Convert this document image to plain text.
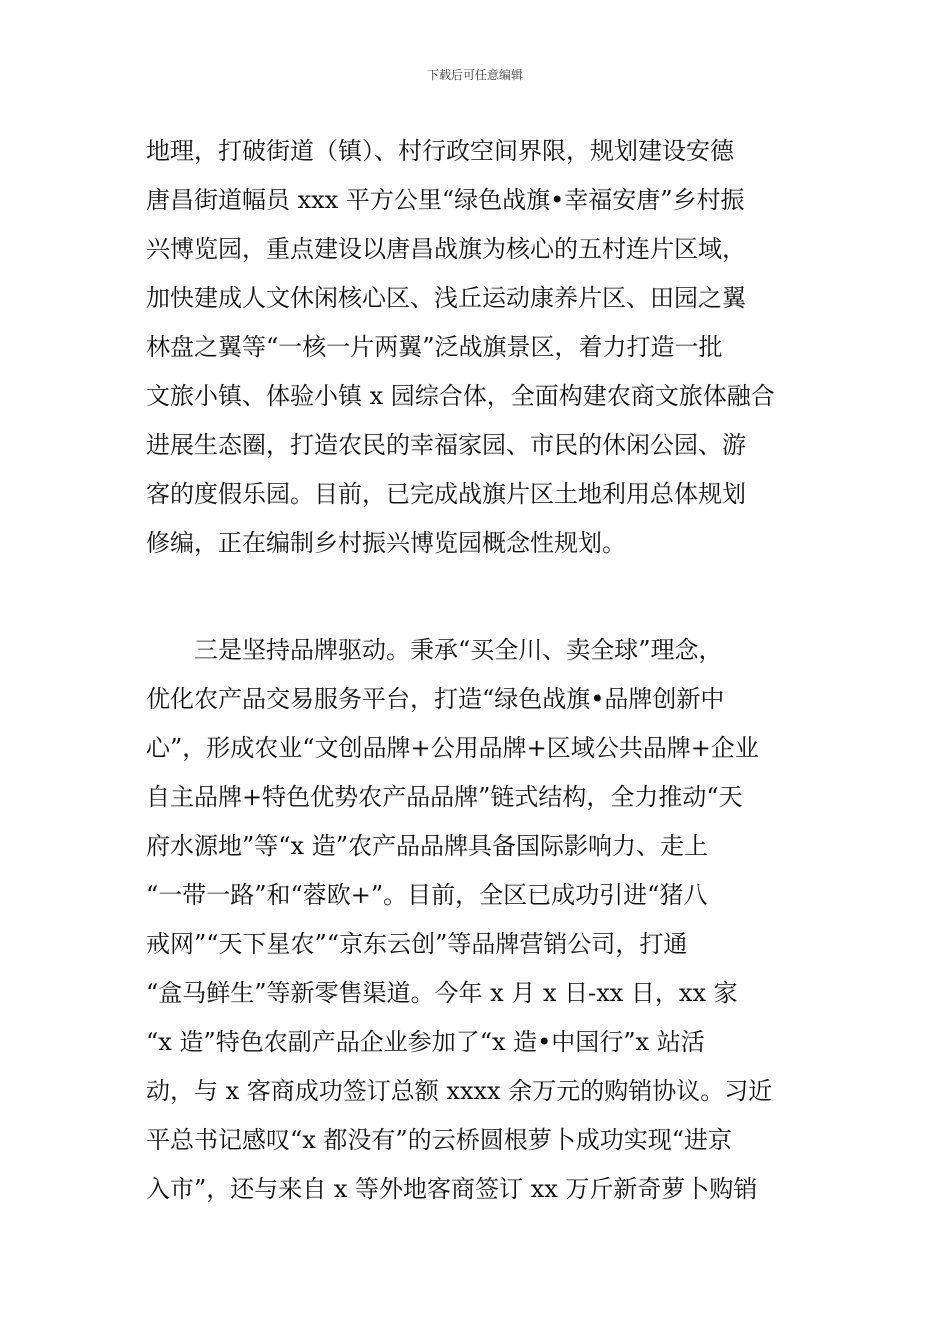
下载后可任意编辑
地理，打破街道（镇）、村行政空间界限，规划建设安德
唐昌街道幅员 xxx 平方公里“绿色战旗•幸福安唐”乡村振
兴博览园，重点建设以唐昌战旗为核心的五村连片区域，
加快建成人文休闲核心区、浅丘运动康养片区、田园之翼
林盘之翼等“一核一片两翼”泛战旗景区，着力打造一批
文旅小镇、体验小镇 x 园综合体，全面构建农商文旅体融合
进展生态圈，打造农民的幸福家园、市民的休闲公园、游
客的度假乐园。目前，已完成战旗片区土地利用总体规划
修编，正在编制乡村振兴博览园概念性规划。
　　三是坚持品牌驱动。秉承“买全川、卖全球”理念，
优化农产品交易服务平台，打造“绿色战旗•品牌创新中
心”，形成农业“文创品牌+公用品牌+区域公共品牌+企业
自主品牌+特色优势农产品品牌”链式结构，全力推动“天
府水源地”等“x 造”农产品品牌具备国际影响力、走上
“一带一路”和“蓉欧+”。目前，全区已成功引进“猪八
戒网”“天下星农”“京东云创”等品牌营销公司，打通
“盒马鲜生”等新零售渠道。今年 x 月 x 日-xx 日，xx 家
“x 造”特色农副产品企业参加了“x 造•中国行”x 站活
动，与 x 客商成功签订总额 xxxx 余万元的购销协议。习近
平总书记感叹“x 都没有”的云桥圆根萝卜成功实现“进京
入市”，还与来自 x 等外地客商签订 xx 万斤新奇萝卜购销
